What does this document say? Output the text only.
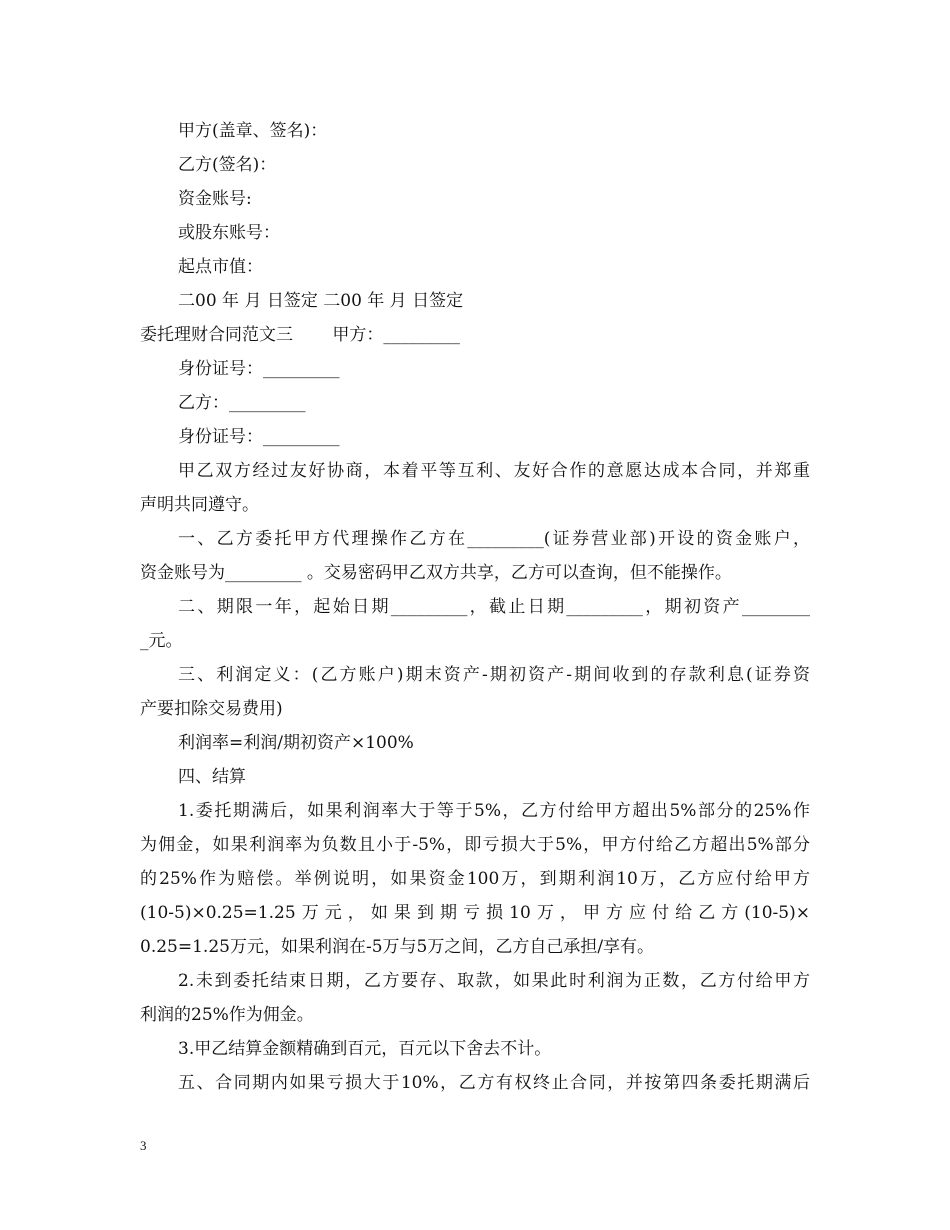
甲方(盖章、签名)：
乙方(签名)：
资金账号:
或股东账号：
起点市值：
二00 年 月 日签定 二00 年 月 日签定
委托理财合同范文三　　 甲方：_________
身份证号：_________
乙方：_________
身份证号：_________
甲乙双方经过友好协商，本着平等互利、友好合作的意愿达成本合同，并郑重
声明共同遵守。
一、乙方委托甲方代理操作乙方在_________(证券营业部)开设的资金账户，
资金账号为_________ 。交易密码甲乙双方共享，乙方可以查询，但不能操作。
二、期限一年，起始日期_________，截止日期_________，期初资产________
_元。
三、利润定义：(乙方账户)期末资产-期初资产-期间收到的存款利息(证券资
产要扣除交易费用)
利润率=利润/期初资产×100%
四、结算
1.委托期满后，如果利润率大于等于5%，乙方付给甲方超出5%部分的25%作
为佣金，如果利润率为负数且小于-5%，即亏损大于5%，甲方付给乙方超出5%部分
的25%作为赔偿。举例说明，如果资金100万，到期利润10万，乙方应付给甲方
(10-5)×0.25=1.25万元，如果到期亏损10万，甲方应付给乙方(10-5)×
0.25=1.25万元，如果利润在-5万与5万之间，乙方自己承担/享有。
2.未到委托结束日期，乙方要存、取款，如果此时利润为正数，乙方付给甲方
利润的25%作为佣金。
3.甲乙结算金额精确到百元，百元以下舍去不计。
五、合同期内如果亏损大于10%，乙方有权终止合同，并按第四条委托期满后
3
